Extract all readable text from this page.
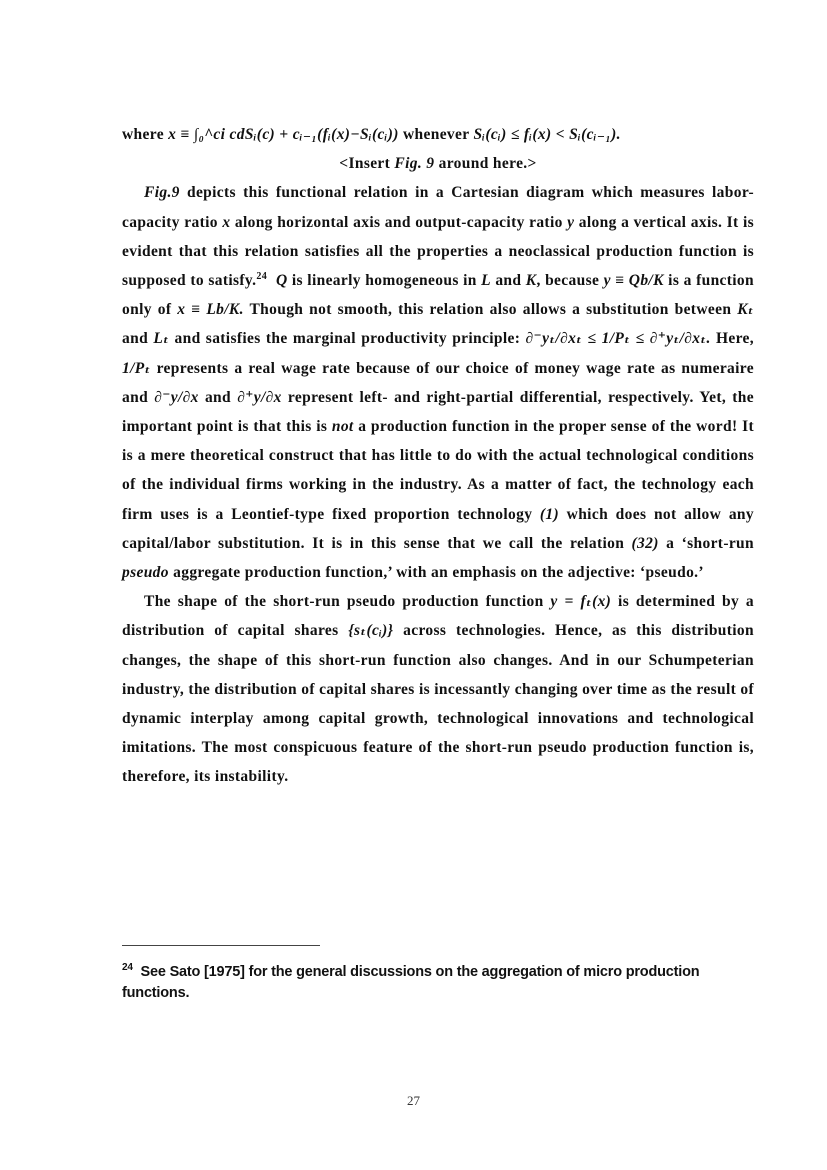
where x ≡ ∫₀^ci cdSᵢ(c) + cᵢ₋₁(fᵢ(x)−Sᵢ(cᵢ)) whenever Sᵢ(cᵢ) ≤ fᵢ(x) < Sᵢ(cᵢ₋₁).

<Insert Fig. 9 around here.>

Fig.9 depicts this functional relation in a Cartesian diagram which measures labor-capacity ratio x along horizontal axis and output-capacity ratio y along a vertical axis. It is evident that this relation satisfies all the properties a neoclassical production function is supposed to satisfy.$^{24}$ Q is linearly homogeneous in L and K, because y ≡ Qb/K is a function only of x ≡ Lb/K. Though not smooth, this relation also allows a substitution between Kₜ and Lₜ and satisfies the marginal productivity principle: ∂⁻yₜ/∂xₜ ≤ 1/Pₜ ≤ ∂⁺yₜ/∂xₜ. Here, 1/Pₜ represents a real wage rate because of our choice of money wage rate as numeraire and ∂⁻y/∂x and ∂⁺y/∂x represent left- and right-partial differential, respectively. Yet, the important point is that this is not a production function in the proper sense of the word! It is a mere theoretical construct that has little to do with the actual technological conditions of the individual firms working in the industry. As a matter of fact, the technology each firm uses is a Leontief-type fixed proportion technology (1) which does not allow any capital/labor substitution. It is in this sense that we call the relation (32) a ‘short-run pseudo aggregate production function,’ with an emphasis on the adjective: ‘pseudo.’

The shape of the short-run pseudo production function y = fₜ(x) is determined by a distribution of capital shares {sₜ(cᵢ)} across technologies. Hence, as this distribution changes, the shape of this short-run function also changes. And in our Schumpeterian industry, the distribution of capital shares is incessantly changing over time as the result of dynamic interplay among capital growth, technological innovations and technological imitations. The most conspicuous feature of the short-run pseudo production function is, therefore, its instability.

$^{24}$ See Sato [1975] for the general discussions on the aggregation of micro production functions.
27
